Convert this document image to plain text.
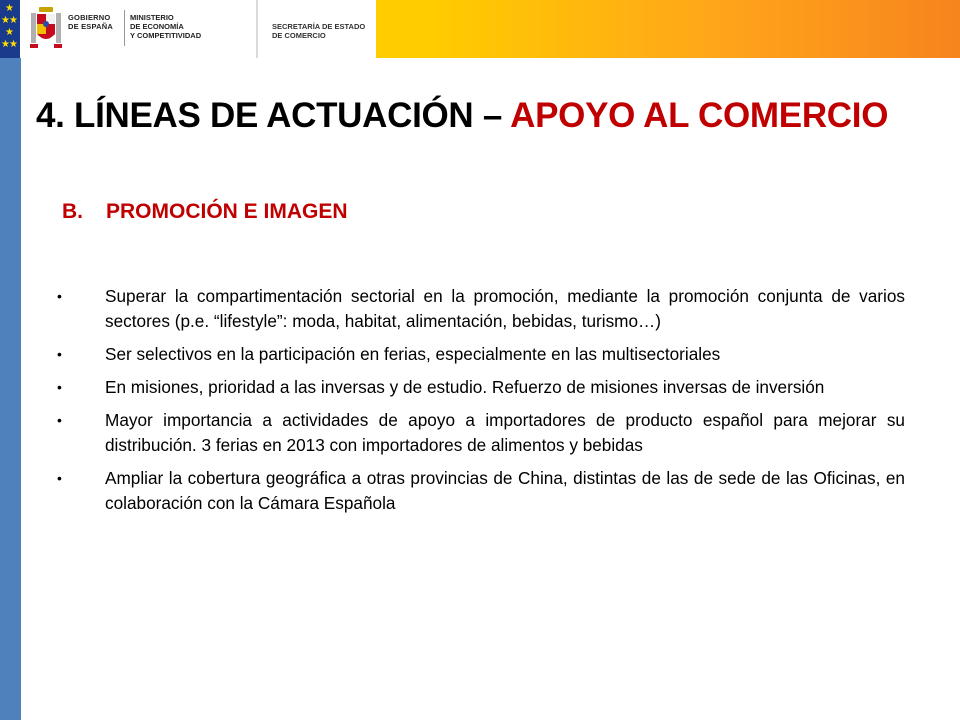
★
★ ★
★
★ ★
GOBIERNO
DE ESPAÑA
MINISTERIO
DE ECONOMÍA
Y COMPETITIVIDAD
SECRETARÍA DE ESTADO
DE COMERCIO
4. LÍNEAS DE ACTUACIÓN – APOYO AL COMERCIO
B. PROMOCIÓN E IMAGEN
•	Superar la compartimentación sectorial en la promoción, mediante la promoción conjunta de varios sectores (p.e. “lifestyle”: moda, habitat, alimentación, bebidas, turismo…)
•	Ser selectivos en la participación en ferias, especialmente en las multisectoriales
•	En misiones, prioridad a las inversas y de estudio. Refuerzo de misiones inversas de inversión
•	Mayor importancia a actividades de apoyo a importadores de producto español para mejorar su distribución. 3 ferias en 2013 con importadores de alimentos y bebidas
•	Ampliar la cobertura geográfica a otras provincias de China, distintas de las de sede de las Oficinas, en colaboración con la Cámara Española
